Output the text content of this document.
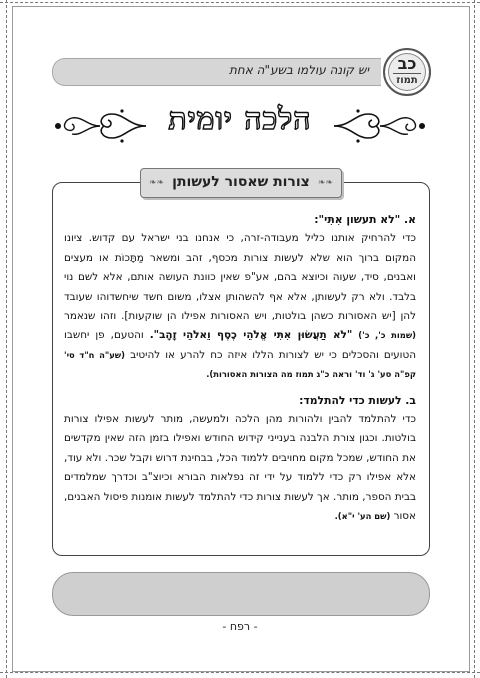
יש קונה עולמו בשע"ה אחת	כב
תמוז
הלכה יומית
❧❧ צורות שאסור לעשותן ❧❧

א. "לא תעשון אִתִּי":

כדי להרחיק אותנו כליל מעבודה-זרה, כי אנחנו בני ישראל עם קדוש. ציונו המקום ברוך הוא שלא לעשות צורות מכסף, זהב ומשאר מַתָּכוֹת או מעצים ואבנים, סיד, שעוה וכיוצא בהם, אע"פ שאין כוונת העושה אותם, אלא לשם נוי בלבד. ולא רק לעשותן, אלא אף להשהותן אצלו, משום חשד שיחשדוהו שעובד להן [יש האסורות כשהן בולטות, ויש האסורות אפילו הן שוקעות]. וזהו שנאמר (שמות כ', כ') "לֹא תַעֲשׂוּן אִתִּי אֱלֹהֵי כֶסֶף וֵאלֹהֵי זָהָב". והטעם, פן יחשבו הטועים והסכלים כי יש לצורות הללו איזה כח להרע או להיטיב (שע"ה ח"ד סי' קפ"ה סע' ג' וד' וראה כ"ג תמוז מה הצורות האסורות).

ב. לעשות כדי להתלמד:

כדי להתלמד להבין ולהורות מהן הלכה ולמעשה, מותר לעשות אפילו צורות בולטות. וכגון צורת הלבנה בענייני קידוש החודש ואפילו בזמן הזה שאין מקדשים את החודש, שמכל מקום מחויבים ללמוד הכל, בבחינת דרוש וקבל שכר. ולא עוד, אלא אפילו רק כדי ללמוד על ידי זה נפלאות הבורא וכיוצ"ב וכדרך שמלמדים בבית הספר, מותר. אך לעשות צורות כדי להתלמד לעשות אומנות פיסול האבנים, אסור (שם הע' י"א).

- רפח -
